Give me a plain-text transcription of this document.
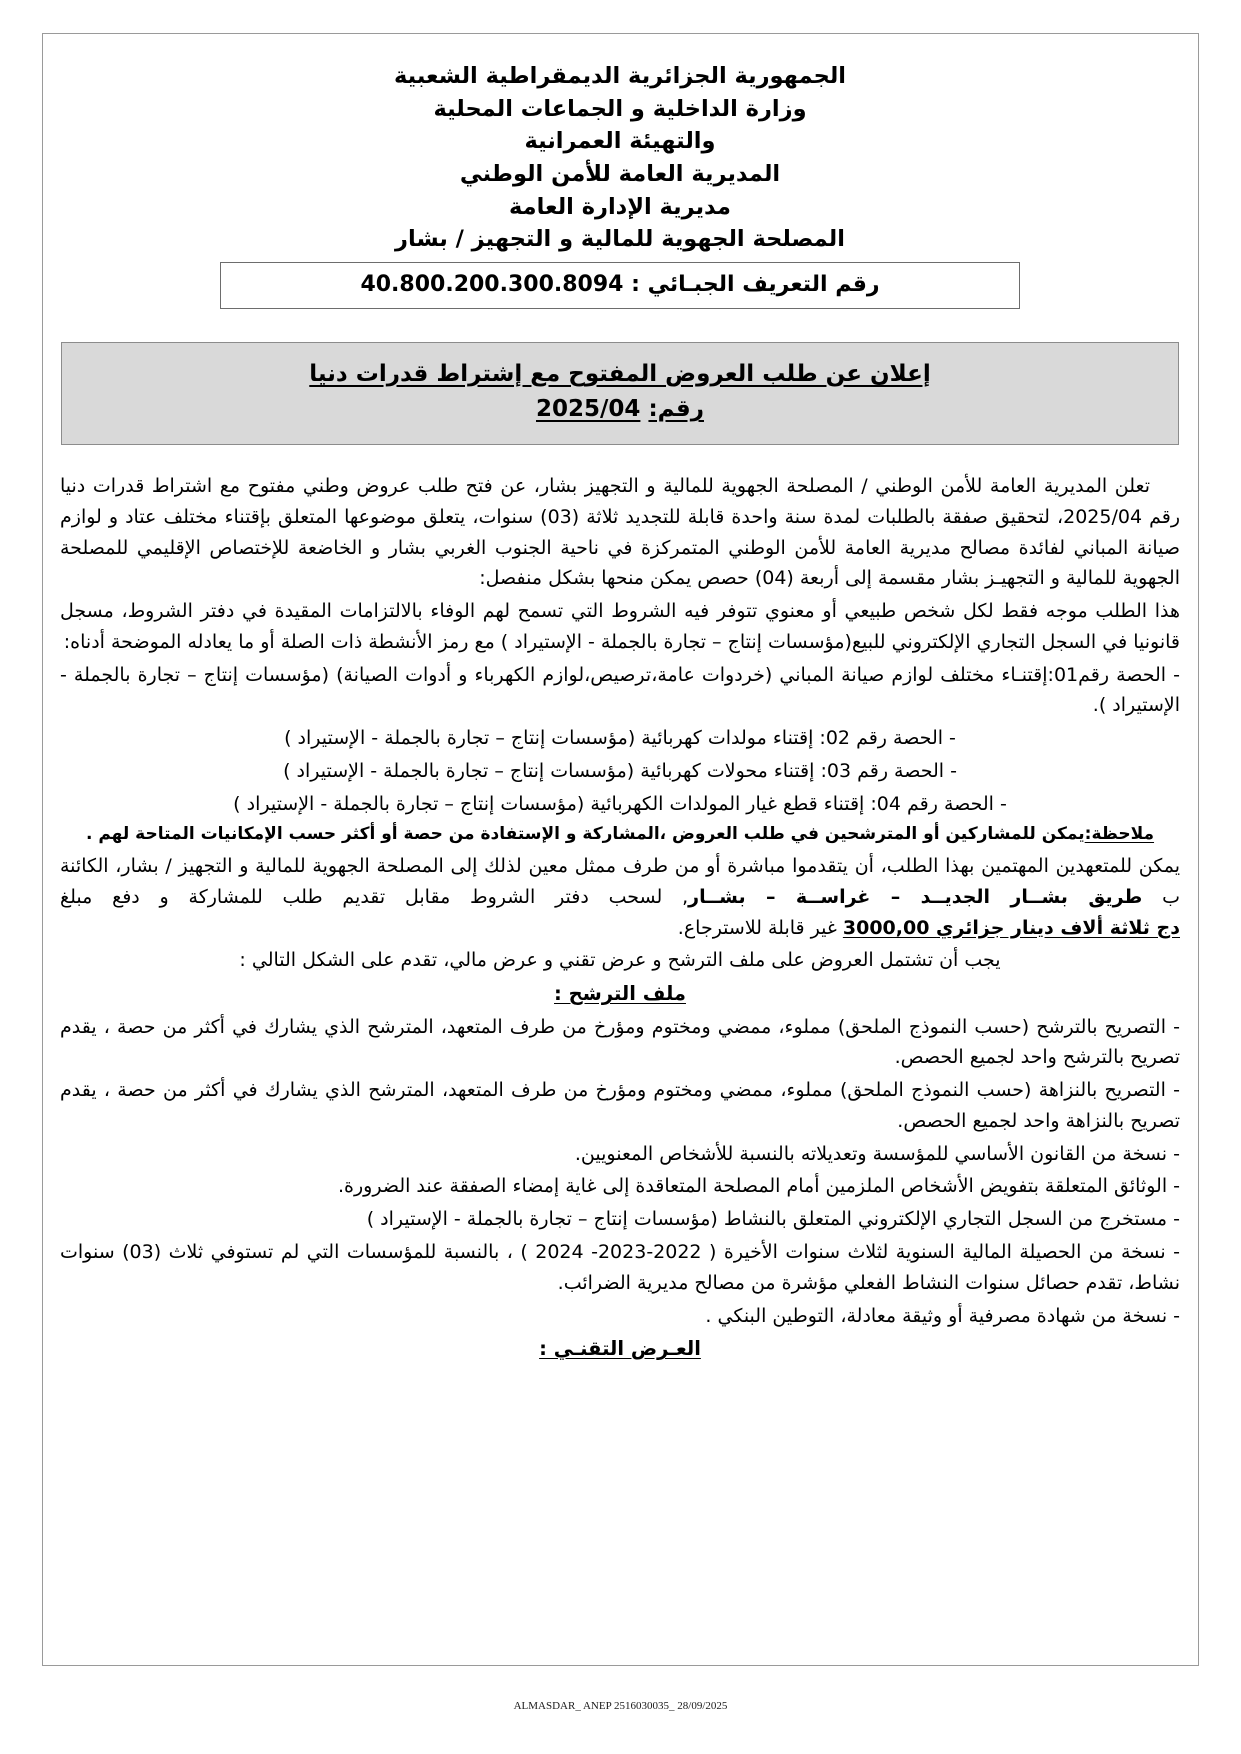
الجمهورية الجزائرية الديمقراطية الشعبية
وزارة الداخلية و الجماعات المحلية
والتهيئة العمرانية
المديرية العامة للأمن الوطني
مديرية الإدارة العامة
المصلحة الجهوية للمالية و التجهيز / بشار
رقم التعريف الجبـائي : 40.800.200.300.8094
إعلان عن طلب العروض المفتوح مع إشتراط قدرات دنيا
رقم: 2025/04

تعلن المديرية العامة للأمن الوطني / المصلحة الجهوية للمالية و التجهيز بشار، عن فتح طلب عروض وطني مفتوح مع اشتراط قدرات دنيا رقم 2025/04، لتحقيق صفقة بالطلبات لمدة سنة واحدة قابلة للتجديد ثلاثة (03) سنوات، يتعلق موضوعها المتعلق بإقتناء مختلف عتاد و لوازم صيانة المباني لفائدة مصالح مديرية العامة للأمن الوطني المتمركزة في ناحية الجنوب الغربي بشار و الخاضعة للإختصاص الإقليمي للمصلحة الجهوية للمالية و التجهيـز بشار مقسمة إلى أربعة (04) حصص يمكن منحها بشكل منفصل:

هذا الطلب موجه فقط لكل شخص طبيعي أو معنوي تتوفر فيه الشروط التي تسمح لهم الوفاء بالالتزامات المقيدة في دفتر الشروط، مسجل قانونيا في السجل التجاري الإلكتروني للبيع(مؤسسات إنتاج – تجارة بالجملة - الإستيراد ) مع رمز الأنشطة ذات الصلة أو ما يعادله الموضحة أدناه:

- الحصة رقم01:إقتنـاء مختلف لوازم صيانة المباني (خردوات عامة،ترصيص،لوازم الكهرباء و أدوات الصيانة) (مؤسسات إنتاج – تجارة بالجملة - الإستيراد ).

- الحصة رقم 02: إقتناء مولدات كهربائية (مؤسسات إنتاج – تجارة بالجملة - الإستيراد )

- الحصة رقم 03: إقتناء محولات كهربائية (مؤسسات إنتاج – تجارة بالجملة - الإستيراد )

- الحصة رقم 04: إقتناء قطع غيار المولدات الكهربائية (مؤسسات إنتاج – تجارة بالجملة - الإستيراد )

ملاحظة:يمكن للمشاركين أو المترشحين في طلب العروض ،المشاركة و الإستفادة من حصة أو أكثر حسب الإمكانيات المتاحة لهم .

يمكن للمتعهدين المهتمين بهذا الطلب، أن يتقدموا مباشرة أو من طرف ممثل معين لذلك إلى المصلحة الجهوية للمالية و التجهيز / بشار، الكائنة ب طريق بشــار الجديــد – غراســة – بشــار, لسحب دفتر الشروط مقابل تقديم طلب للمشاركة و دفع مبلغ 3000,00 دج ثلاثة ألاف دينار جزائري غير قابلة للاسترجاع.

يجب أن تشتمل العروض على ملف الترشح و عرض تقني و عرض مالي، تقدم على الشكل التالي :

ملف الترشح :

- التصريح بالترشح (حسب النموذج الملحق) مملوء، ممضي ومختوم ومؤرخ من طرف المتعهد، المترشح الذي يشارك في أكثر من حصة ، يقدم تصريح بالترشح واحد لجميع الحصص.

- التصريح بالنزاهة (حسب النموذج الملحق) مملوء، ممضي ومختوم ومؤرخ من طرف المتعهد، المترشح الذي يشارك في أكثر من حصة ، يقدم تصريح بالنزاهة واحد لجميع الحصص.

- نسخة من القانون الأساسي للمؤسسة وتعديلاته بالنسبة للأشخاص المعنويين.

- الوثائق المتعلقة بتفويض الأشخاص الملزمين أمام المصلحة المتعاقدة إلى غاية إمضاء الصفقة عند الضرورة.

- مستخرج من السجل التجاري الإلكتروني المتعلق بالنشاط (مؤسسات إنتاج – تجارة بالجملة - الإستيراد )

- نسخة من الحصيلة المالية السنوية لثلاث سنوات الأخيرة ( 2022-2023- 2024 ) ، بالنسبة للمؤسسات التي لم تستوفي ثلاث (03) سنوات نشاط، تقدم حصائل سنوات النشاط الفعلي مؤشرة من مصالح مديرية الضرائب.

- نسخة من شهادة مصرفية أو وثيقة معادلة، التوطين البنكي .

العـرض التقنـي :

ALMASDAR_ ANEP 2516030035_ 28/09/2025
